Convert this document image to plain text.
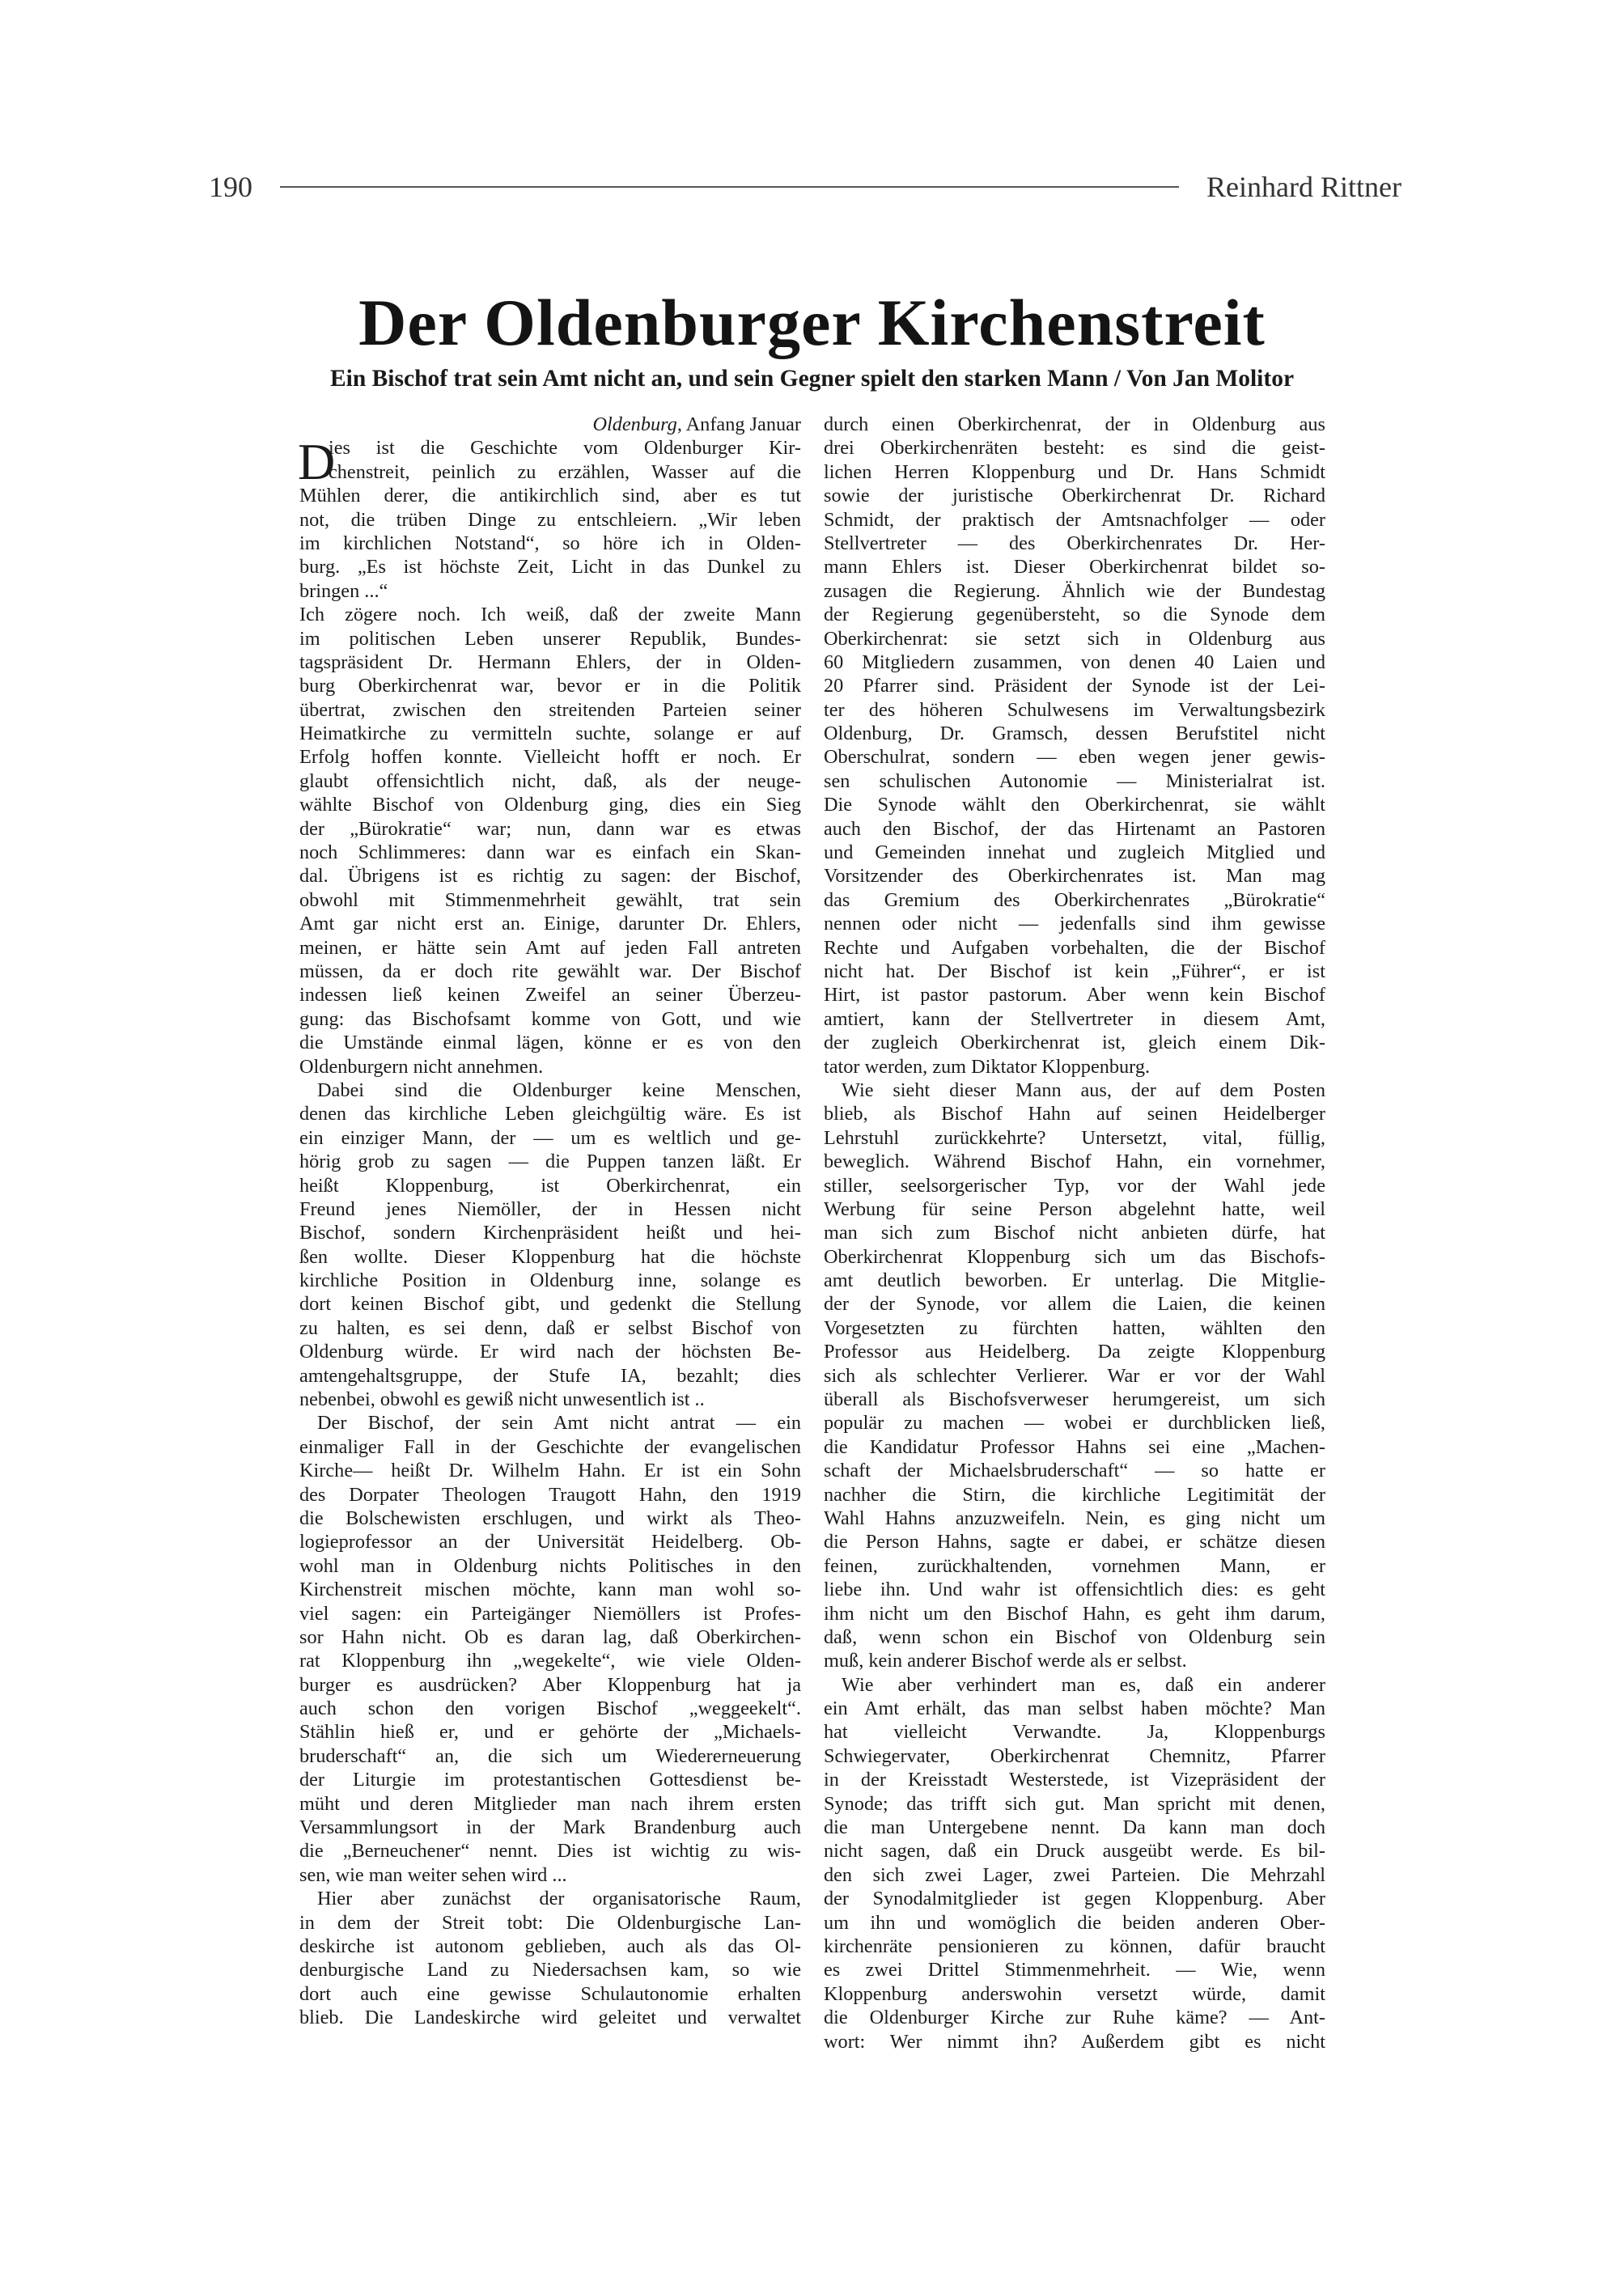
190	Reinhard Rittner
Der Oldenburger Kirchenstreit
Ein Bischof trat sein Amt nicht an, und sein Gegner spielt den starken Mann / Von Jan Molitor
Oldenburg, Anfang Januar
D
ies ist die Geschichte vom Oldenburger Kir-
chenstreit, peinlich zu erzählen, Wasser auf die
Mühlen derer, die antikirchlich sind, aber es tut
not, die trüben Dinge zu entschleiern. „Wir leben
im kirchlichen Notstand“, so höre ich in Olden-
burg. „Es ist höchste Zeit, Licht in das Dunkel zu
bringen ...“
Ich zögere noch. Ich weiß, daß der zweite Mann
im politischen Leben unserer Republik, Bundes-
tagspräsident Dr. Hermann Ehlers, der in Olden-
burg Oberkirchenrat war, bevor er in die Politik
übertrat, zwischen den streitenden Parteien seiner
Heimatkirche zu vermitteln suchte, solange er auf
Erfolg hoffen konnte. Vielleicht hofft er noch. Er
glaubt offensichtlich nicht, daß, als der neuge-
wählte Bischof von Oldenburg ging, dies ein Sieg
der „Bürokratie“ war; nun, dann war es etwas
noch Schlimmeres: dann war es einfach ein Skan-
dal. Übrigens ist es richtig zu sagen: der Bischof,
obwohl mit Stimmenmehrheit gewählt, trat sein
Amt gar nicht erst an. Einige, darunter Dr. Ehlers,
meinen, er hätte sein Amt auf jeden Fall antreten
müssen, da er doch rite gewählt war. Der Bischof
indessen ließ keinen Zweifel an seiner Überzeu-
gung: das Bischofsamt komme von Gott, und wie
die Umstände einmal lägen, könne er es von den
Oldenburgern nicht annehmen.
Dabei sind die Oldenburger keine Menschen,
denen das kirchliche Leben gleichgültig wäre. Es ist
ein einziger Mann, der — um es weltlich und ge-
hörig grob zu sagen — die Puppen tanzen läßt. Er
heißt Kloppenburg, ist Oberkirchenrat, ein
Freund jenes Niemöller, der in Hessen nicht
Bischof, sondern Kirchenpräsident heißt und hei-
ßen wollte. Dieser Kloppenburg hat die höchste
kirchliche Position in Oldenburg inne, solange es
dort keinen Bischof gibt, und gedenkt die Stellung
zu halten, es sei denn, daß er selbst Bischof von
Oldenburg würde. Er wird nach der höchsten Be-
amtengehaltsgruppe, der Stufe IA, bezahlt; dies
nebenbei, obwohl es gewiß nicht unwesentlich ist ..
Der Bischof, der sein Amt nicht antrat — ein
einmaliger Fall in der Geschichte der evangelischen
Kirche— heißt Dr. Wilhelm Hahn. Er ist ein Sohn
des Dorpater Theologen Traugott Hahn, den 1919
die Bolschewisten erschlugen, und wirkt als Theo-
logieprofessor an der Universität Heidelberg. Ob-
wohl man in Oldenburg nichts Politisches in den
Kirchenstreit mischen möchte, kann man wohl so-
viel sagen: ein Parteigänger Niemöllers ist Profes-
sor Hahn nicht. Ob es daran lag, daß Oberkirchen-
rat Kloppenburg ihn „wegekelte“, wie viele Olden-
burger es ausdrücken? Aber Kloppenburg hat ja
auch schon den vorigen Bischof „weggeekelt“.
Stählin hieß er, und er gehörte der „Michaels-
bruderschaft“ an, die sich um Wiedererneuerung
der Liturgie im protestantischen Gottesdienst be-
müht und deren Mitglieder man nach ihrem ersten
Versammlungsort in der Mark Brandenburg auch
die „Berneuchener“ nennt. Dies ist wichtig zu wis-
sen, wie man weiter sehen wird ...
Hier aber zunächst der organisatorische Raum,
in dem der Streit tobt: Die Oldenburgische Lan-
deskirche ist autonom geblieben, auch als das Ol-
denburgische Land zu Niedersachsen kam, so wie
dort auch eine gewisse Schulautonomie erhalten
blieb. Die Landeskirche wird geleitet und verwaltet
durch einen Oberkirchenrat, der in Oldenburg aus
drei Oberkirchenräten besteht: es sind die geist-
lichen Herren Kloppenburg und Dr. Hans Schmidt
sowie der juristische Oberkirchenrat Dr. Richard
Schmidt, der praktisch der Amtsnachfolger — oder
Stellvertreter — des Oberkirchenrates Dr. Her-
mann Ehlers ist. Dieser Oberkirchenrat bildet so-
zusagen die Regierung. Ähnlich wie der Bundestag
der Regierung gegenübersteht, so die Synode dem
Oberkirchenrat: sie setzt sich in Oldenburg aus
60 Mitgliedern zusammen, von denen 40 Laien und
20 Pfarrer sind. Präsident der Synode ist der Lei-
ter des höheren Schulwesens im Verwaltungsbezirk
Oldenburg, Dr. Gramsch, dessen Berufstitel nicht
Oberschulrat, sondern — eben wegen jener gewis-
sen schulischen Autonomie — Ministerialrat ist.
Die Synode wählt den Oberkirchenrat, sie wählt
auch den Bischof, der das Hirtenamt an Pastoren
und Gemeinden innehat und zugleich Mitglied und
Vorsitzender des Oberkirchenrates ist. Man mag
das Gremium des Oberkirchenrates „Bürokratie“
nennen oder nicht — jedenfalls sind ihm gewisse
Rechte und Aufgaben vorbehalten, die der Bischof
nicht hat. Der Bischof ist kein „Führer“, er ist
Hirt, ist pastor pastorum. Aber wenn kein Bischof
amtiert, kann der Stellvertreter in diesem Amt,
der zugleich Oberkirchenrat ist, gleich einem Dik-
tator werden, zum Diktator Kloppenburg.
Wie sieht dieser Mann aus, der auf dem Posten
blieb, als Bischof Hahn auf seinen Heidelberger
Lehrstuhl zurückkehrte? Untersetzt, vital, füllig,
beweglich. Während Bischof Hahn, ein vornehmer,
stiller, seelsorgerischer Typ, vor der Wahl jede
Werbung für seine Person abgelehnt hatte, weil
man sich zum Bischof nicht anbieten dürfe, hat
Oberkirchenrat Kloppenburg sich um das Bischofs-
amt deutlich beworben. Er unterlag. Die Mitglie-
der der Synode, vor allem die Laien, die keinen
Vorgesetzten zu fürchten hatten, wählten den
Professor aus Heidelberg. Da zeigte Kloppenburg
sich als schlechter Verlierer. War er vor der Wahl
überall als Bischofsverweser herumgereist, um sich
populär zu machen — wobei er durchblicken ließ,
die Kandidatur Professor Hahns sei eine „Machen-
schaft der Michaelsbruderschaft“ — so hatte er
nachher die Stirn, die kirchliche Legitimität der
Wahl Hahns anzuzweifeln. Nein, es ging nicht um
die Person Hahns, sagte er dabei, er schätze diesen
feinen, zurückhaltenden, vornehmen Mann, er
liebe ihn. Und wahr ist offensichtlich dies: es geht
ihm nicht um den Bischof Hahn, es geht ihm darum,
daß, wenn schon ein Bischof von Oldenburg sein
muß, kein anderer Bischof werde als er selbst.
Wie aber verhindert man es, daß ein anderer
ein Amt erhält, das man selbst haben möchte? Man
hat vielleicht Verwandte. Ja, Kloppenburgs
Schwiegervater, Oberkirchenrat Chemnitz, Pfarrer
in der Kreisstadt Westerstede, ist Vizepräsident der
Synode; das trifft sich gut. Man spricht mit denen,
die man Untergebene nennt. Da kann man doch
nicht sagen, daß ein Druck ausgeübt werde. Es bil-
den sich zwei Lager, zwei Parteien. Die Mehrzahl
der Synodalmitglieder ist gegen Kloppenburg. Aber
um ihn und womöglich die beiden anderen Ober-
kirchenräte pensionieren zu können, dafür braucht
es zwei Drittel Stimmenmehrheit. — Wie, wenn
Kloppenburg anderswohin versetzt würde, damit
die Oldenburger Kirche zur Ruhe käme? — Ant-
wort: Wer nimmt ihn? Außerdem gibt es nicht
